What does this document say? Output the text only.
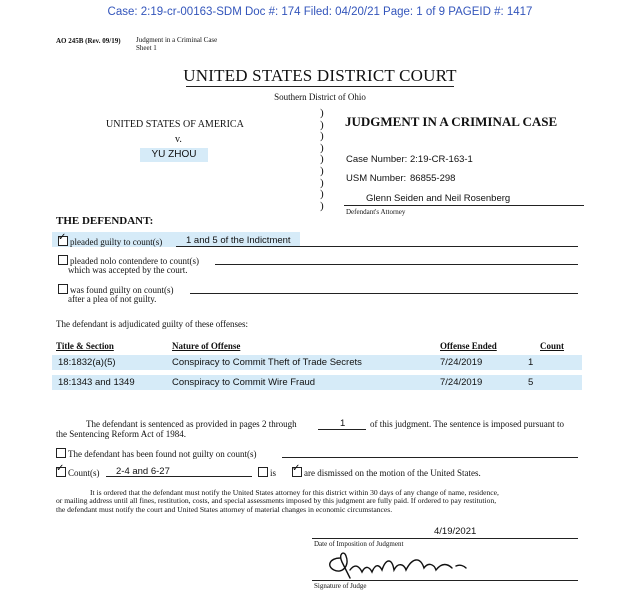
Case: 2:19-cr-00163-SDM Doc #: 174 Filed: 04/20/21 Page: 1 of 9 PAGEID #: 1417
AO 245B (Rev. 09/19) Judgment in a Criminal Case
Sheet 1
UNITED STATES DISTRICT COURT
Southern District of Ohio
UNITED STATES OF AMERICA
v.
YU ZHOU
)
)
)
)
)
)
)
)
)
JUDGMENT IN A CRIMINAL CASE
Case Number: 2:19-CR-163-1
USM Number: 86855-298
Glenn Seiden and Neil Rosenberg
Defendant's Attorney
THE DEFENDANT:
✓pleaded guilty to count(s)	1 and 5 of the Indictment
pleaded nolo contendere to count(s)
which was accepted by the court.
was found guilty on count(s)
after a plea of not guilty.
The defendant is adjudicated guilty of these offenses:
Title & Section	Nature of Offense	Offense Ended	Count
18:1832(a)(5)	Conspiracy to Commit Theft of Trade Secrets	7/24/2019	1
18:1343 and 1349	Conspiracy to Commit Wire Fraud	7/24/2019	5
The defendant is sentenced as provided in pages 2 through	1	of this judgment. The sentence is imposed pursuant to
the Sentencing Reform Act of 1984.
The defendant has been found not guilty on count(s)
✓Count(s) 2-4 and 6-27	is
✓	are dismissed on the motion of the United States.
It is ordered that the defendant must notify the United States attorney for this district within 30 days of any change of name, residence,
or mailing address until all fines, restitution, costs, and special assessments imposed by this judgment are fully paid. If ordered to pay restitution,
the defendant must notify the court and United States attorney of material changes in economic circumstances.
4/19/2021
Date of Imposition of Judgment
Signature of Judge
